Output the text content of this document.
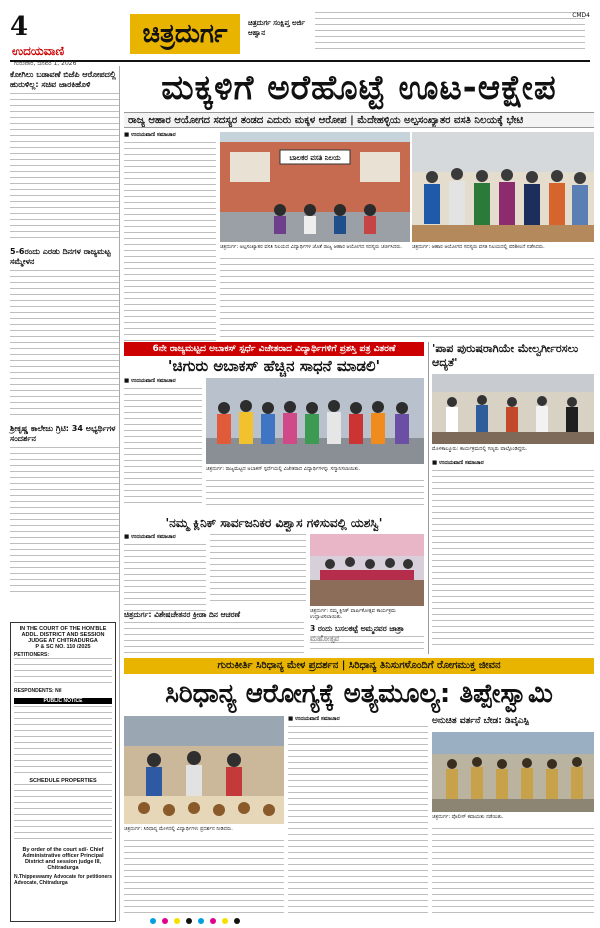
4
ಉದಯವಾಣಿ
ಗುರುವಾರ, ಜನವರಿ 1, 2026
ಚಿತ್ರದುರ್ಗ	ಚಿತ್ರದುರ್ಗ ಸಂಕ್ಷಿಪ್ತ ಅರ್ಜಿ ಆಹ್ವಾನ
CMD4
ಕೋಗಿಲು ಬಡಾವಣೆ ಬಿಜೆಪಿ ಆರೋಪದಲ್ಲಿ ಹುರುಳಿಲ್ಲ: ಸಚಿವ ಜಾರಕಿಹೊಳಿ
5-6ರಂದು ಎರಡು ದಿನಗಳ ರಾಜ್ಯಮಟ್ಟ ಸಮ್ಮೇಳನ
ಶ್ರೀಕೃಷ್ಣ ಕಾಲೇಜು ಗ್ರಿಟಿ: 34 ಅಭ್ಯರ್ಥಿಗಳ ಸಂದರ್ಶನ
IN THE COURT OF THE HON'BLE ADDL. DISTRICT AND SESSION JUDGE AT CHITRADURGA
P & SC NO. 110 /2025
PETITIONERS:
RESPONDENTS: Nil
PUBLIC NOTICE
SCHEDULE PROPERTIES
By order of the court sd/- Chief Administrative officer Principal District and session judge III, Chitradurga
N.Thippeswamy Advocate for petitioners Advocate, Chitradurga
ಮಕ್ಕಳಿಗೆ ಅರೆಹೊಟ್ಟೆ ಊಟ-ಆಕ್ಷೇಪ
ರಾಜ್ಯ ಆಹಾರ ಆಯೋಗದ ಸದಸ್ಯರ ತಂಡದ ಎದುರು ಮಕ್ಕಳ ಆರೋಪ | ಮೆದೇಹಳ್ಳಿಯ ಅಲ್ಪಸಂಖ್ಯಾತರ ವಸತಿ ನಿಲಯಕ್ಕೆ ಭೇಟಿ
■ ಉದಯವಾಣಿ ಸಮಾಚಾರ
ಬಾಲಕರ ವಸತಿ ನಿಲಯ
ಚಿತ್ರದುರ್ಗ: ಅಲ್ಪಸಂಖ್ಯಾತರ ವಸತಿ ನಿಲಯದ ವಿದ್ಯಾರ್ಥಿಗಳ ಜೊತೆ ರಾಜ್ಯ ಆಹಾರ ಆಯೋಗದ ಸದಸ್ಯರು ಚರ್ಚಿಸಿದರು.	ಚಿತ್ರದುರ್ಗ: ಆಹಾರ ಆಯೋಗದ ಸದಸ್ಯರು ವಸತಿ ನಿಲಯದಲ್ಲಿ ಪರಿಶೀಲನೆ ನಡೆಸಿದರು.
6ನೇ ರಾಜ್ಯಮಟ್ಟದ ಅಬಾಕಸ್ ಸ್ಪರ್ಧೆ ವಿಜೇತರಾದ ವಿದ್ಯಾರ್ಥಿಗಳಿಗೆ ಪ್ರಶಸ್ತಿ ಪತ್ರ ವಿತರಣೆ
'ಚಿಗುರು ಅಬಾಕಸ್ ಹೆಚ್ಚಿನ ಸಾಧನೆ ಮಾಡಲಿ'
■ ಉದಯವಾಣಿ ಸಮಾಚಾರ
ಚಿತ್ರದುರ್ಗ: ರಾಜ್ಯಮಟ್ಟದ ಅಬಾಕಸ್ ಸ್ಪರ್ಧೆಯಲ್ಲಿ ವಿಜೇತರಾದ ವಿದ್ಯಾರ್ಥಿಗಳನ್ನು ಸನ್ಮಾನಿಸಲಾಯಿತು.
'ನಮ್ಮ ಕ್ಲಿನಿಕ್ ಸಾರ್ವಜನಿಕರ ವಿಶ್ವಾಸ ಗಳಿಸುವಲ್ಲಿ ಯಶಸ್ವಿ'
■ ಉದಯವಾಣಿ ಸಮಾಚಾರ
ಚಿತ್ರದುರ್ಗ: ನಮ್ಮ ಕ್ಲಿನಿಕ್ ವಾರ್ಷಿಕೋತ್ಸವ ಕಾರ್ಯಕ್ರಮ ಉದ್ಘಾಟಿಸಲಾಯಿತು.
ಚಿತ್ರದುರ್ಗ: ವಿಶೇಷಚೇತನರ ಕ್ರೀಡಾ ದಿನ ಆಚರಣೆ
3 ರಂದು ಬಸಲಕಟ್ಟೆ ಅಮ್ಮನವರ ಜಾತ್ರಾ
'ಪಾಪ ಪುರುಷರಾಗಿಯೇ ಮೇಲ್ವರ್ಗೀರಸಲು ಆದ್ಯತೆ'
ಮೊಳಕಾಲ್ಮೂರು: ಕಾರ್ಯಕ್ರಮದಲ್ಲಿ ಗಣ್ಯರು ಪಾಲ್ಗೊಂಡಿದ್ದರು.
■ ಉದಯವಾಣಿ ಸಮಾಚಾರ
ಗುರುಕೀರ್ತಿ ಸಿರಿಧಾನ್ಯ ಮೇಳ ಪ್ರದರ್ಶನ | ಸಿರಿಧಾನ್ಯ ತಿನಿಸುಗಳೊಂದಿಗೆ ರೋಗಮುಕ್ತ ಜೀವನ
ಸಿರಿಧಾನ್ಯ ಆರೋಗ್ಯಕ್ಕೆ ಅತ್ಯಮೂಲ್ಯ: ತಿಪ್ಪೇಸ್ವಾಮಿ
ಚಿತ್ರದುರ್ಗ: ಸಿರಿಧಾನ್ಯ ಮೇಳದಲ್ಲಿ ವಿದ್ಯಾರ್ಥಿಗಳು ಪ್ರದರ್ಶನ ನೀಡಿದರು.
■ ಉದಯವಾಣಿ ಸಮಾಚಾರ	ಅನುಚಿತ ವರ್ತನೆ ಬೇಡ: ಡಿವೈಎಸ್ಪಿ
ಚಿತ್ರದುರ್ಗ: ಪೊಲೀಸ್ ಕವಾಯತು ನಡೆಯಿತು.
